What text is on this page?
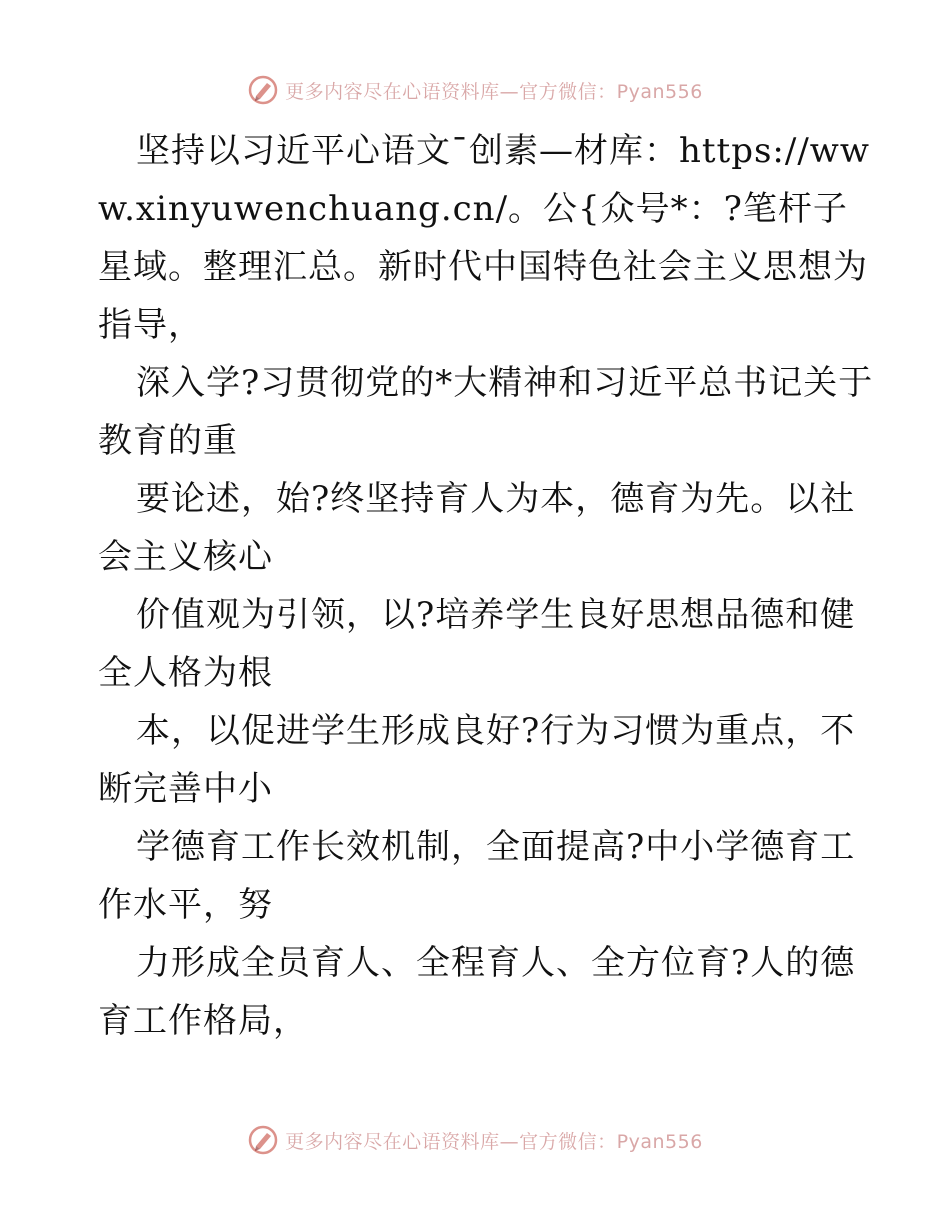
更多内容尽在心语资料库—官方微信：Pyan556

坚持以习近平心语文¯创素—材库：https://www.xinyuwenchuang.cn/。公{众号*：?笔杆子星域。整理汇总。新时代中国特色社会主义思想为指导，

深入学?习贯彻党的*大精神和习近平总书记关于教育的重

要论述，始?终坚持育人为本，德育为先。以社会主义核心

价值观为引领，以?培养学生良好思想品德和健全人格为根

本，以促进学生形成良好?行为习惯为重点，不断完善中小

学德育工作长效机制，全面提高?中小学德育工作水平，努

力形成全员育人、全程育人、全方位育?人的德育工作格局，

更多内容尽在心语资料库—官方微信：Pyan556
